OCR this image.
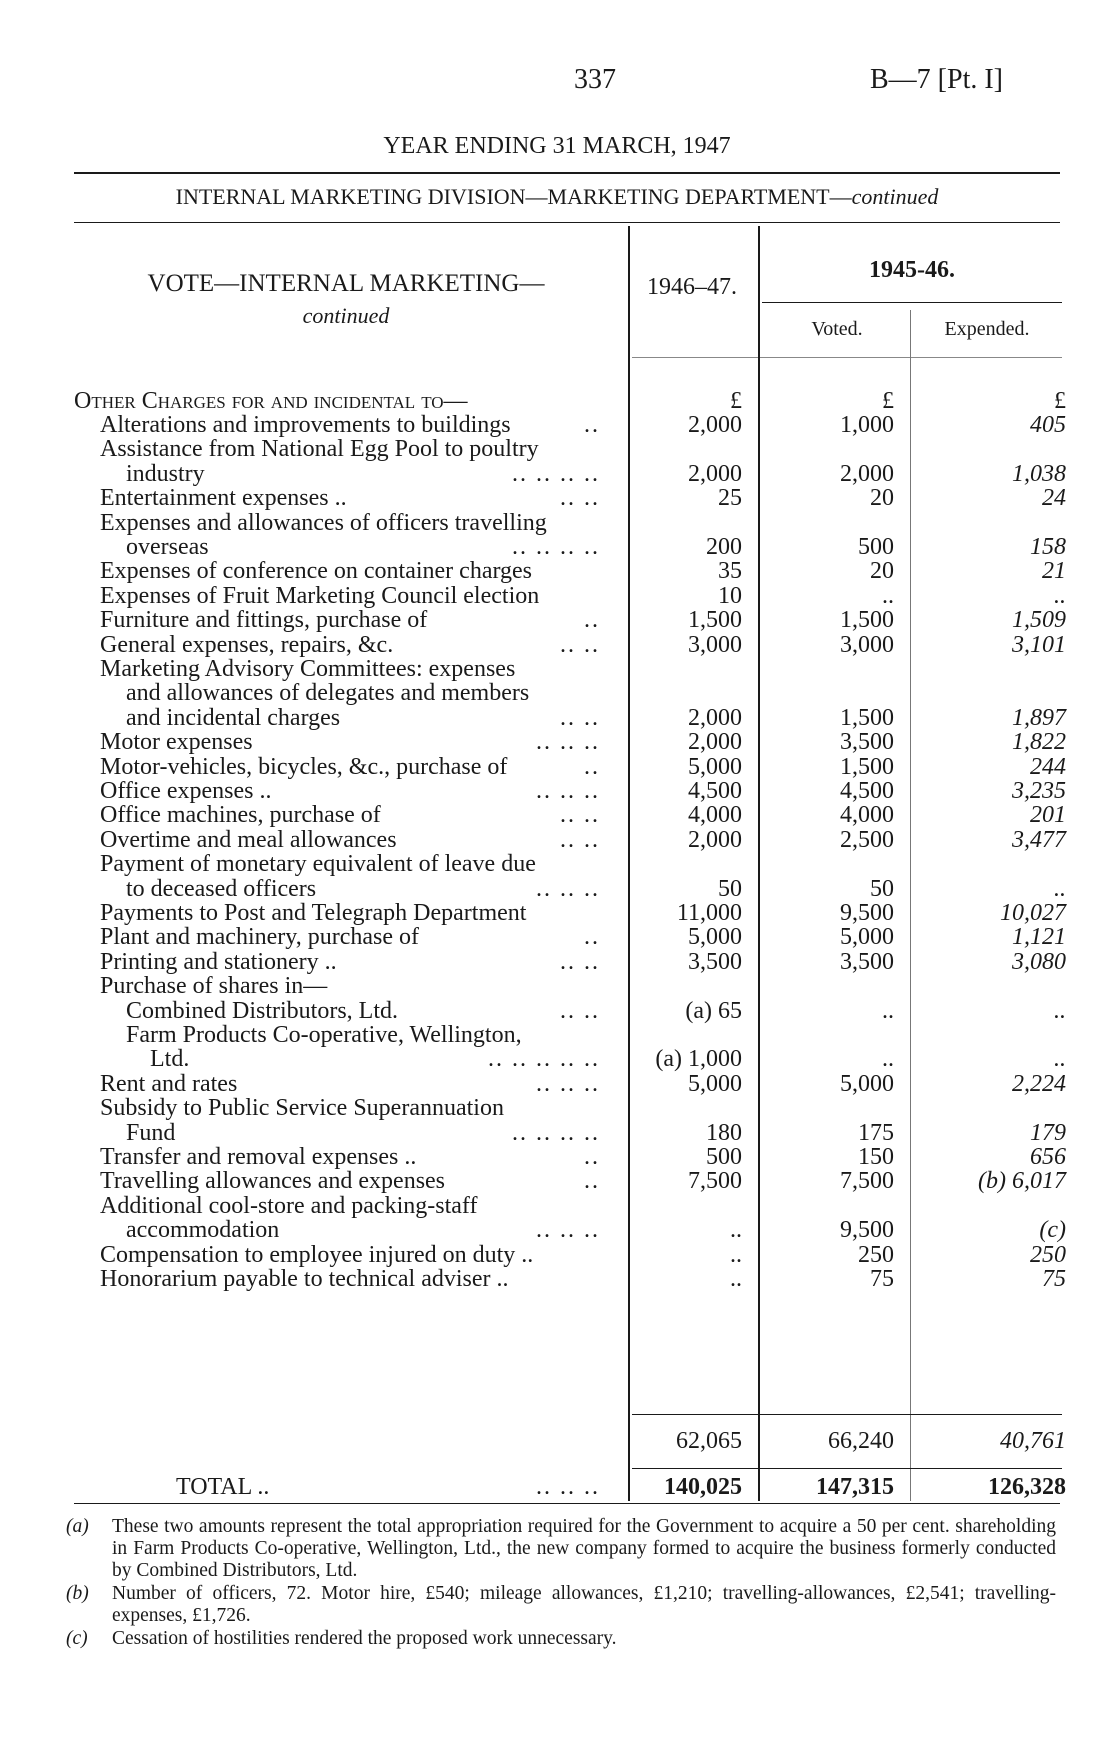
337	B—7 [Pt. I]
YEAR ENDING 31 MARCH, 1947
INTERNAL MARKETING DIVISION—MARKETING DEPARTMENT—continued
VOTE—INTERNAL MARKETING—
continued
1946–47.
1945-46.
Voted.	Expended.
Other Charges for and incidental to—	£	£	£
Alterations and improvements to buildings	..	2,000	1,000	405
Assistance from National Egg Pool to poultry
industry	.. .. .. ..	2,000	2,000	1,038
Entertainment expenses ..	.. ..	25	20	24
Expenses and allowances of officers travelling
overseas	.. .. .. ..	200	500	158
Expenses of conference on container charges	35	20	21
Expenses of Fruit Marketing Council election	10	..	..
Furniture and fittings, purchase of	..	1,500	1,500	1,509
General expenses, repairs, &c.	.. ..	3,000	3,000	3,101
Marketing Advisory Committees: expenses
and allowances of delegates and members
and incidental charges	.. ..	2,000	1,500	1,897
Motor expenses	.. .. ..	2,000	3,500	1,822
Motor-vehicles, bicycles, &c., purchase of	..	5,000	1,500	244
Office expenses ..	.. .. ..	4,500	4,500	3,235
Office machines, purchase of	.. ..	4,000	4,000	201
Overtime and meal allowances	.. ..	2,000	2,500	3,477
Payment of monetary equivalent of leave due
to deceased officers	.. .. ..	50	50	..
Payments to Post and Telegraph Department	11,000	9,500	10,027
Plant and machinery, purchase of	..	5,000	5,000	1,121
Printing and stationery ..	.. ..	3,500	3,500	3,080
Purchase of shares in—
Combined Distributors, Ltd.	.. ..	(a) 65	..	..
Farm Products Co-operative, Wellington,
Ltd.	.. .. .. .. .. (a) 1,000	..	..
Rent and rates	.. .. ..	5,000	5,000	2,224
Subsidy to Public Service Superannuation
Fund	.. .. .. ..	180	175	179
Transfer and removal expenses ..	..	500	150	656
Travelling allowances and expenses	..	7,500	7,500	(b) 6,017
Additional cool-store and packing-staff
accommodation	.. .. ..	..	9,500	(c)
Compensation to employee injured on duty ..	..	250	250
Honorarium payable to technical adviser ..	..	75	75
62,065	66,240	40,761
TOTAL ..	.. .. ..	140,025	147,315	126,328
(a) These two amounts represent the total appropriation required for the Government to acquire a 50 per cent. shareholding in Farm Products Co-operative, Wellington, Ltd., the new company formed to acquire the business formerly conducted by Combined Distributors, Ltd.
(b) Number of officers, 72. Motor hire, £540; mileage allowances, £1,210; travelling-allowances, £2,541; travelling-expenses, £1,726.
(c) Cessation of hostilities rendered the proposed work unnecessary.
